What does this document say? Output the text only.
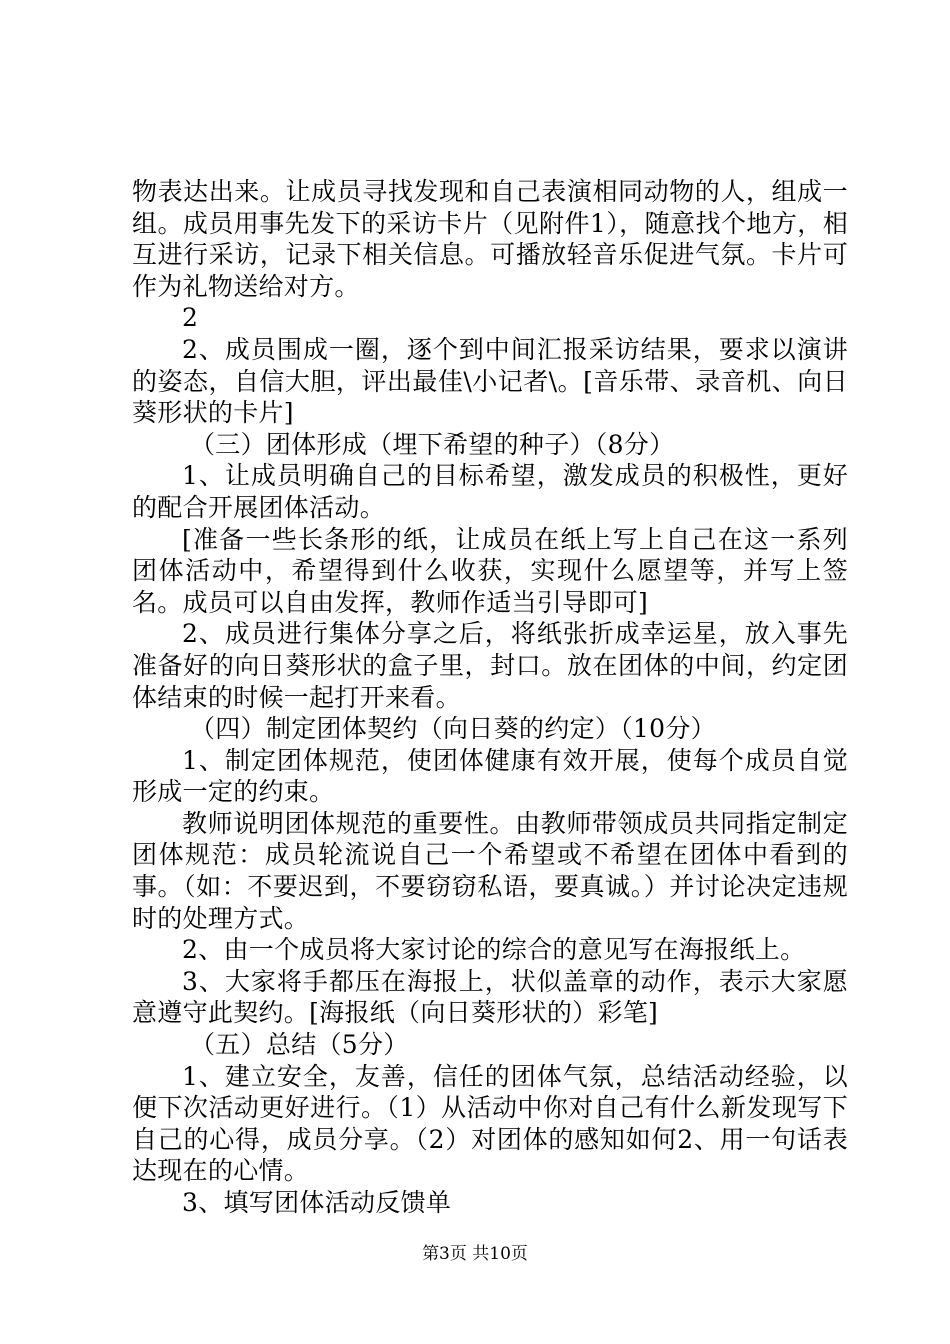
物表达出来。让成员寻找发现和自己表演相同动物的人，组成一组。成员用事先发下的采访卡片（见附件1），随意找个地方，相互进行采访，记录下相关信息。可播放轻音乐促进气氛。卡片可作为礼物送给对方。

2

2、成员围成一圈，逐个到中间汇报采访结果，要求以演讲的姿态，自信大胆，评出最佳\小记者\。[音乐带、录音机、向日葵形状的卡片]

（三）团体形成（埋下希望的种子）（8分）

1、让成员明确自己的目标希望，激发成员的积极性，更好的配合开展团体活动。

[准备一些长条形的纸，让成员在纸上写上自己在这一系列团体活动中，希望得到什么收获，实现什么愿望等，并写上签名。成员可以自由发挥，教师作适当引导即可]

2、成员进行集体分享之后，将纸张折成幸运星，放入事先准备好的向日葵形状的盒子里，封口。放在团体的中间，约定团体结束的时候一起打开来看。

（四）制定团体契约（向日葵的约定）（10分）

1、制定团体规范，使团体健康有效开展，使每个成员自觉形成一定的约束。

教师说明团体规范的重要性。由教师带领成员共同指定制定团体规范：成员轮流说自己一个希望或不希望在团体中看到的事。（如：不要迟到，不要窃窃私语，要真诚。）并讨论决定违规时的处理方式。

2、由一个成员将大家讨论的综合的意见写在海报纸上。

3、大家将手都压在海报上，状似盖章的动作，表示大家愿意遵守此契约。[海报纸（向日葵形状的）彩笔]

（五）总结（5分）

1、建立安全，友善，信任的团体气氛，总结活动经验，以便下次活动更好进行。（1）从活动中你对自己有什么新发现写下自己的心得，成员分享。（2）对团体的感知如何2、用一句话表达现在的心情。

3、填写团体活动反馈单

第3页 共10页
